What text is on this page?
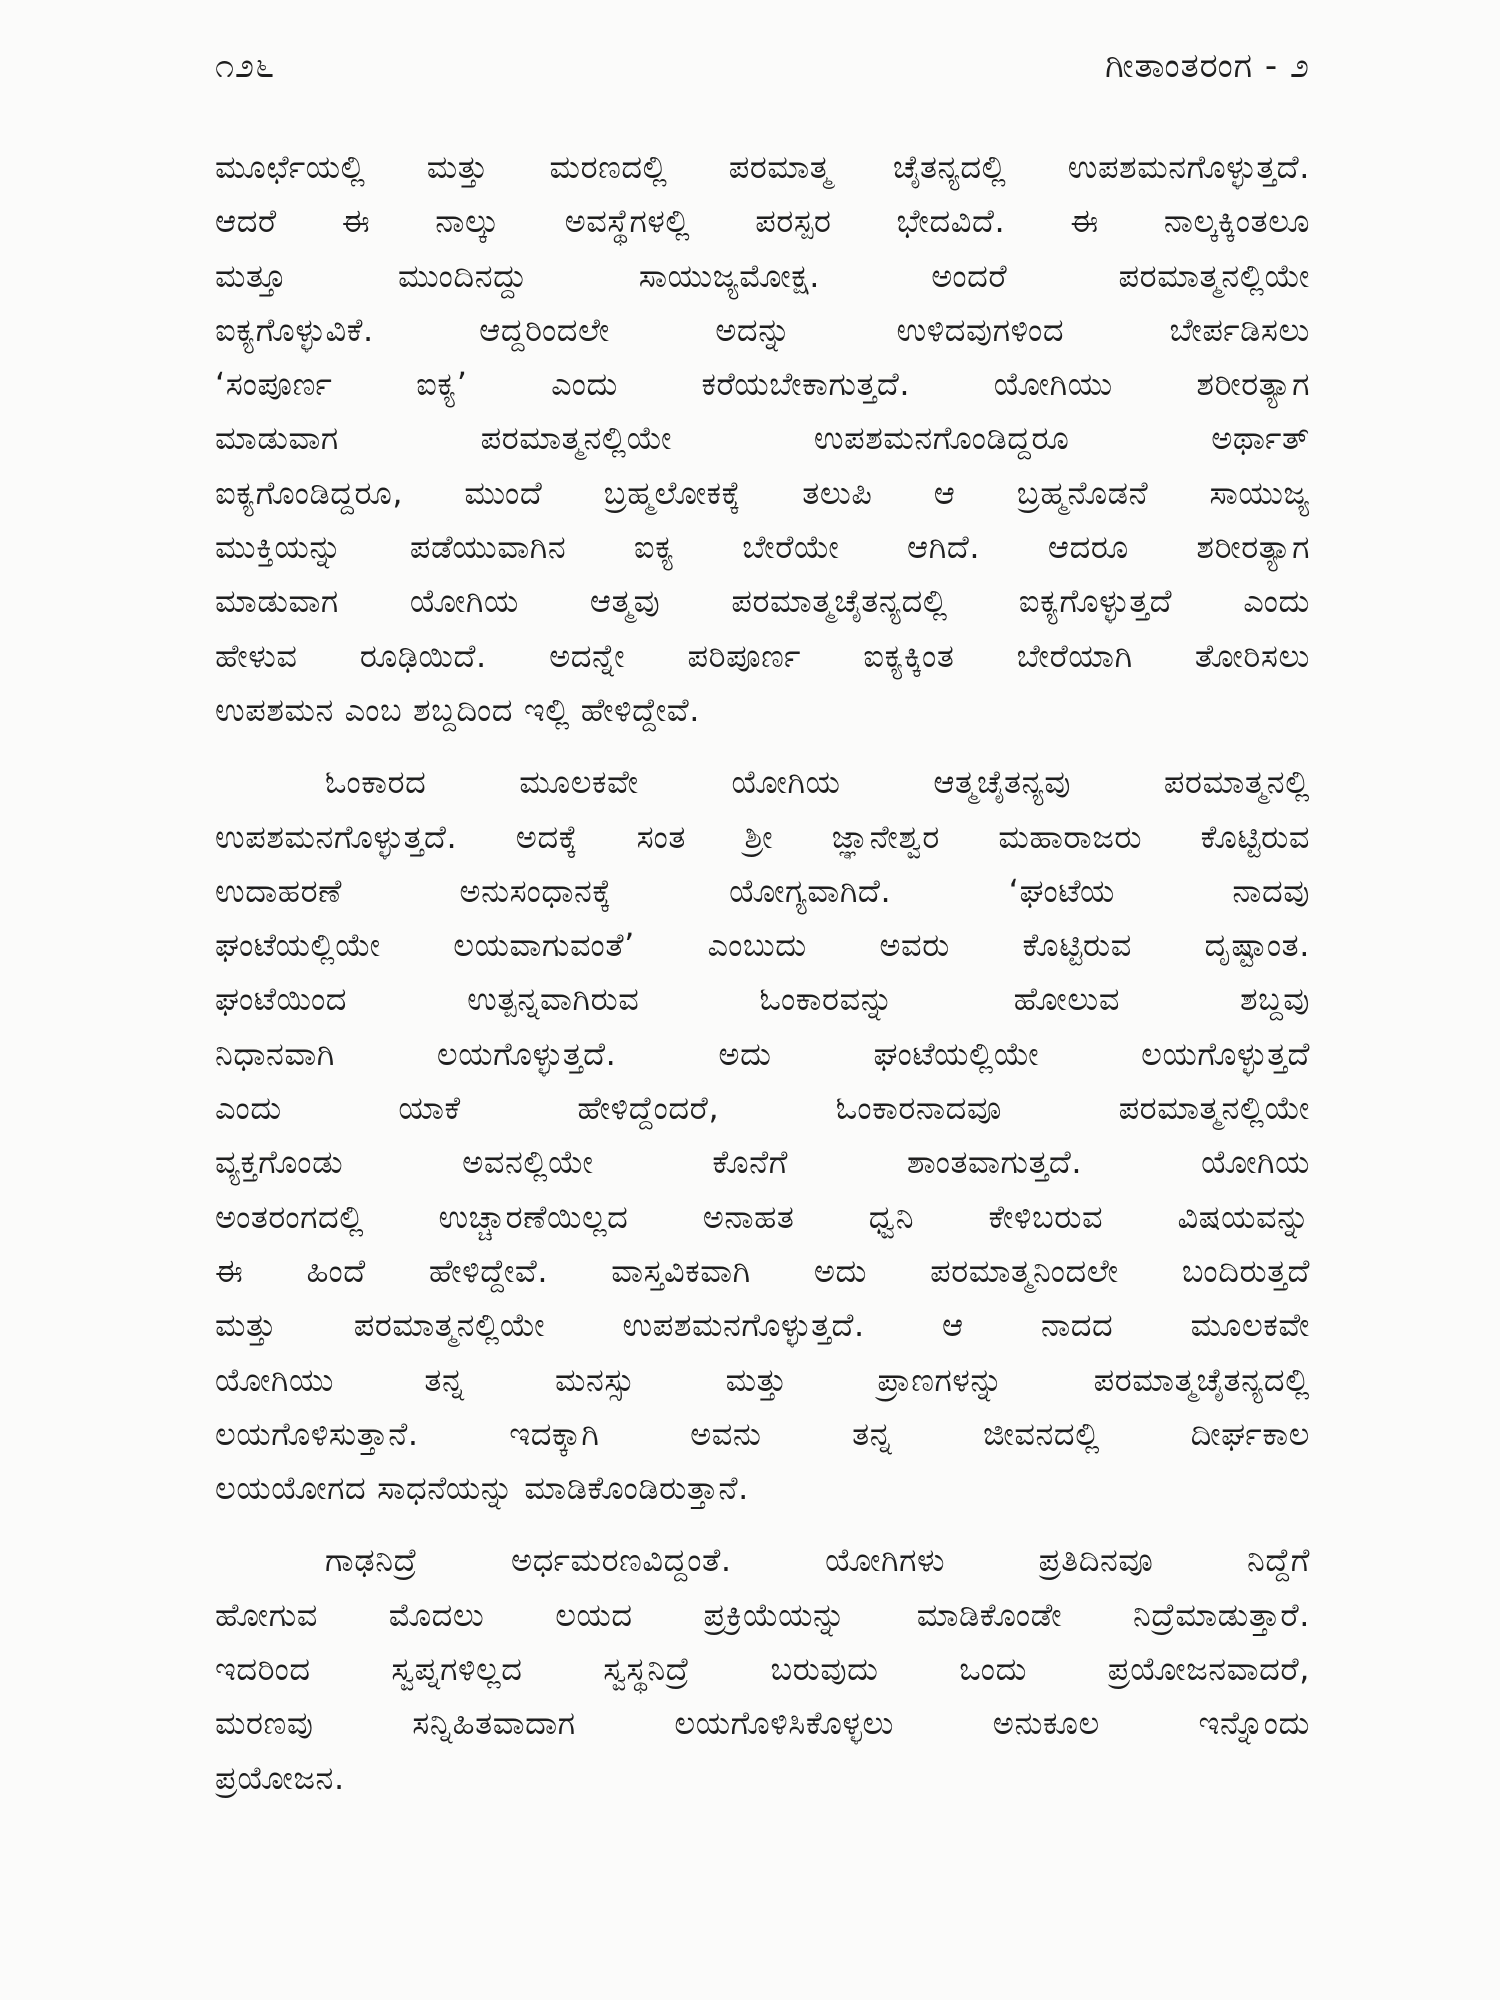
೧೨೬	ಗೀತಾಂತರಂಗ - ೨
ಮೂರ್ಛೆಯಲ್ಲಿ ಮತ್ತು ಮರಣದಲ್ಲಿ ಪರಮಾತ್ಮ ಚೈತನ್ಯದಲ್ಲಿ ಉಪಶಮನಗೊಳ್ಳುತ್ತದೆ.
ಆದರೆ ಈ ನಾಲ್ಕು ಅವಸ್ಥೆಗಳಲ್ಲಿ ಪರಸ್ಪರ ಭೇದವಿದೆ. ಈ ನಾಲ್ಕಕ್ಕಿಂತಲೂ
ಮತ್ತೂ ಮುಂದಿನದ್ದು ಸಾಯುಜ್ಯಮೋಕ್ಷ. ಅಂದರೆ ಪರಮಾತ್ಮನಲ್ಲಿಯೇ
ಐಕ್ಯಗೊಳ್ಳುವಿಕೆ. ಆದ್ದರಿಂದಲೇ ಅದನ್ನು ಉಳಿದವುಗಳಿಂದ ಬೇರ್ಪಡಿಸಲು
‘ಸಂಪೂರ್ಣ ಐಕ್ಯ’ ಎಂದು ಕರೆಯಬೇಕಾಗುತ್ತದೆ. ಯೋಗಿಯು ಶರೀರತ್ಯಾಗ
ಮಾಡುವಾಗ ಪರಮಾತ್ಮನಲ್ಲಿಯೇ ಉಪಶಮನಗೊಂಡಿದ್ದರೂ ಅರ್ಥಾತ್
ಐಕ್ಯಗೊಂಡಿದ್ದರೂ, ಮುಂದೆ ಬ್ರಹ್ಮಲೋಕಕ್ಕೆ ತಲುಪಿ ಆ ಬ್ರಹ್ಮನೊಡನೆ ಸಾಯುಜ್ಯ
ಮುಕ್ತಿಯನ್ನು ಪಡೆಯುವಾಗಿನ ಐಕ್ಯ ಬೇರೆಯೇ ಆಗಿದೆ. ಆದರೂ ಶರೀರತ್ಯಾಗ
ಮಾಡುವಾಗ ಯೋಗಿಯ ಆತ್ಮವು ಪರಮಾತ್ಮಚೈತನ್ಯದಲ್ಲಿ ಐಕ್ಯಗೊಳ್ಳುತ್ತದೆ ಎಂದು
ಹೇಳುವ ರೂಢಿಯಿದೆ. ಅದನ್ನೇ ಪರಿಪೂರ್ಣ ಐಕ್ಯಕ್ಕಿಂತ ಬೇರೆಯಾಗಿ ತೋರಿಸಲು
ಉಪಶಮನ ಎಂಬ ಶಬ್ದದಿಂದ ಇಲ್ಲಿ ಹೇಳಿದ್ದೇವೆ.
ಓಂಕಾರದ ಮೂಲಕವೇ ಯೋಗಿಯ ಆತ್ಮಚೈತನ್ಯವು ಪರಮಾತ್ಮನಲ್ಲಿ
ಉಪಶಮನಗೊಳ್ಳುತ್ತದೆ. ಅದಕ್ಕೆ ಸಂತ ಶ್ರೀ ಜ್ಞಾನೇಶ್ವರ ಮಹಾರಾಜರು ಕೊಟ್ಟಿರುವ
ಉದಾಹರಣೆ ಅನುಸಂಧಾನಕ್ಕೆ ಯೋಗ್ಯವಾಗಿದೆ. ‘ಘಂಟೆಯ ನಾದವು
ಘಂಟೆಯಲ್ಲಿಯೇ ಲಯವಾಗುವಂತೆ’ ಎಂಬುದು ಅವರು ಕೊಟ್ಟಿರುವ ದೃಷ್ಟಾಂತ.
ಘಂಟೆಯಿಂದ ಉತ್ಪನ್ನವಾಗಿರುವ ಓಂಕಾರವನ್ನು ಹೋಲುವ ಶಬ್ದವು
ನಿಧಾನವಾಗಿ ಲಯಗೊಳ್ಳುತ್ತದೆ. ಅದು ಘಂಟೆಯಲ್ಲಿಯೇ ಲಯಗೊಳ್ಳುತ್ತದೆ
ಎಂದು ಯಾಕೆ ಹೇಳಿದ್ದೆಂದರೆ, ಓಂಕಾರನಾದವೂ ಪರಮಾತ್ಮನಲ್ಲಿಯೇ
ವ್ಯಕ್ತಗೊಂಡು ಅವನಲ್ಲಿಯೇ ಕೊನೆಗೆ ಶಾಂತವಾಗುತ್ತದೆ. ಯೋಗಿಯ
ಅಂತರಂಗದಲ್ಲಿ ಉಚ್ಚಾರಣೆಯಿಲ್ಲದ ಅನಾಹತ ಧ್ವನಿ ಕೇಳಿಬರುವ ವಿಷಯವನ್ನು
ಈ ಹಿಂದೆ ಹೇಳಿದ್ದೇವೆ. ವಾಸ್ತವಿಕವಾಗಿ ಅದು ಪರಮಾತ್ಮನಿಂದಲೇ ಬಂದಿರುತ್ತದೆ
ಮತ್ತು ಪರಮಾತ್ಮನಲ್ಲಿಯೇ ಉಪಶಮನಗೊಳ್ಳುತ್ತದೆ. ಆ ನಾದದ ಮೂಲಕವೇ
ಯೋಗಿಯು ತನ್ನ ಮನಸ್ಸು ಮತ್ತು ಪ್ರಾಣಗಳನ್ನು ಪರಮಾತ್ಮಚೈತನ್ಯದಲ್ಲಿ
ಲಯಗೊಳಿಸುತ್ತಾನೆ. ಇದಕ್ಕಾಗಿ ಅವನು ತನ್ನ ಜೀವನದಲ್ಲಿ ದೀರ್ಘಕಾಲ
ಲಯಯೋಗದ ಸಾಧನೆಯನ್ನು ಮಾಡಿಕೊಂಡಿರುತ್ತಾನೆ.
ಗಾಢನಿದ್ರೆ ಅರ್ಧಮರಣವಿದ್ದಂತೆ. ಯೋಗಿಗಳು ಪ್ರತಿದಿನವೂ ನಿದ್ದೆಗೆ
ಹೋಗುವ ಮೊದಲು ಲಯದ ಪ್ರಕ್ರಿಯೆಯನ್ನು ಮಾಡಿಕೊಂಡೇ ನಿದ್ರೆಮಾಡುತ್ತಾರೆ.
ಇದರಿಂದ ಸ್ವಪ್ನಗಳಿಲ್ಲದ ಸ್ವಸ್ಥನಿದ್ರೆ ಬರುವುದು ಒಂದು ಪ್ರಯೋಜನವಾದರೆ,
ಮರಣವು ಸನ್ನಿಹಿತವಾದಾಗ ಲಯಗೊಳಿಸಿಕೊಳ್ಳಲು ಅನುಕೂಲ ಇನ್ನೊಂದು
ಪ್ರಯೋಜನ.
